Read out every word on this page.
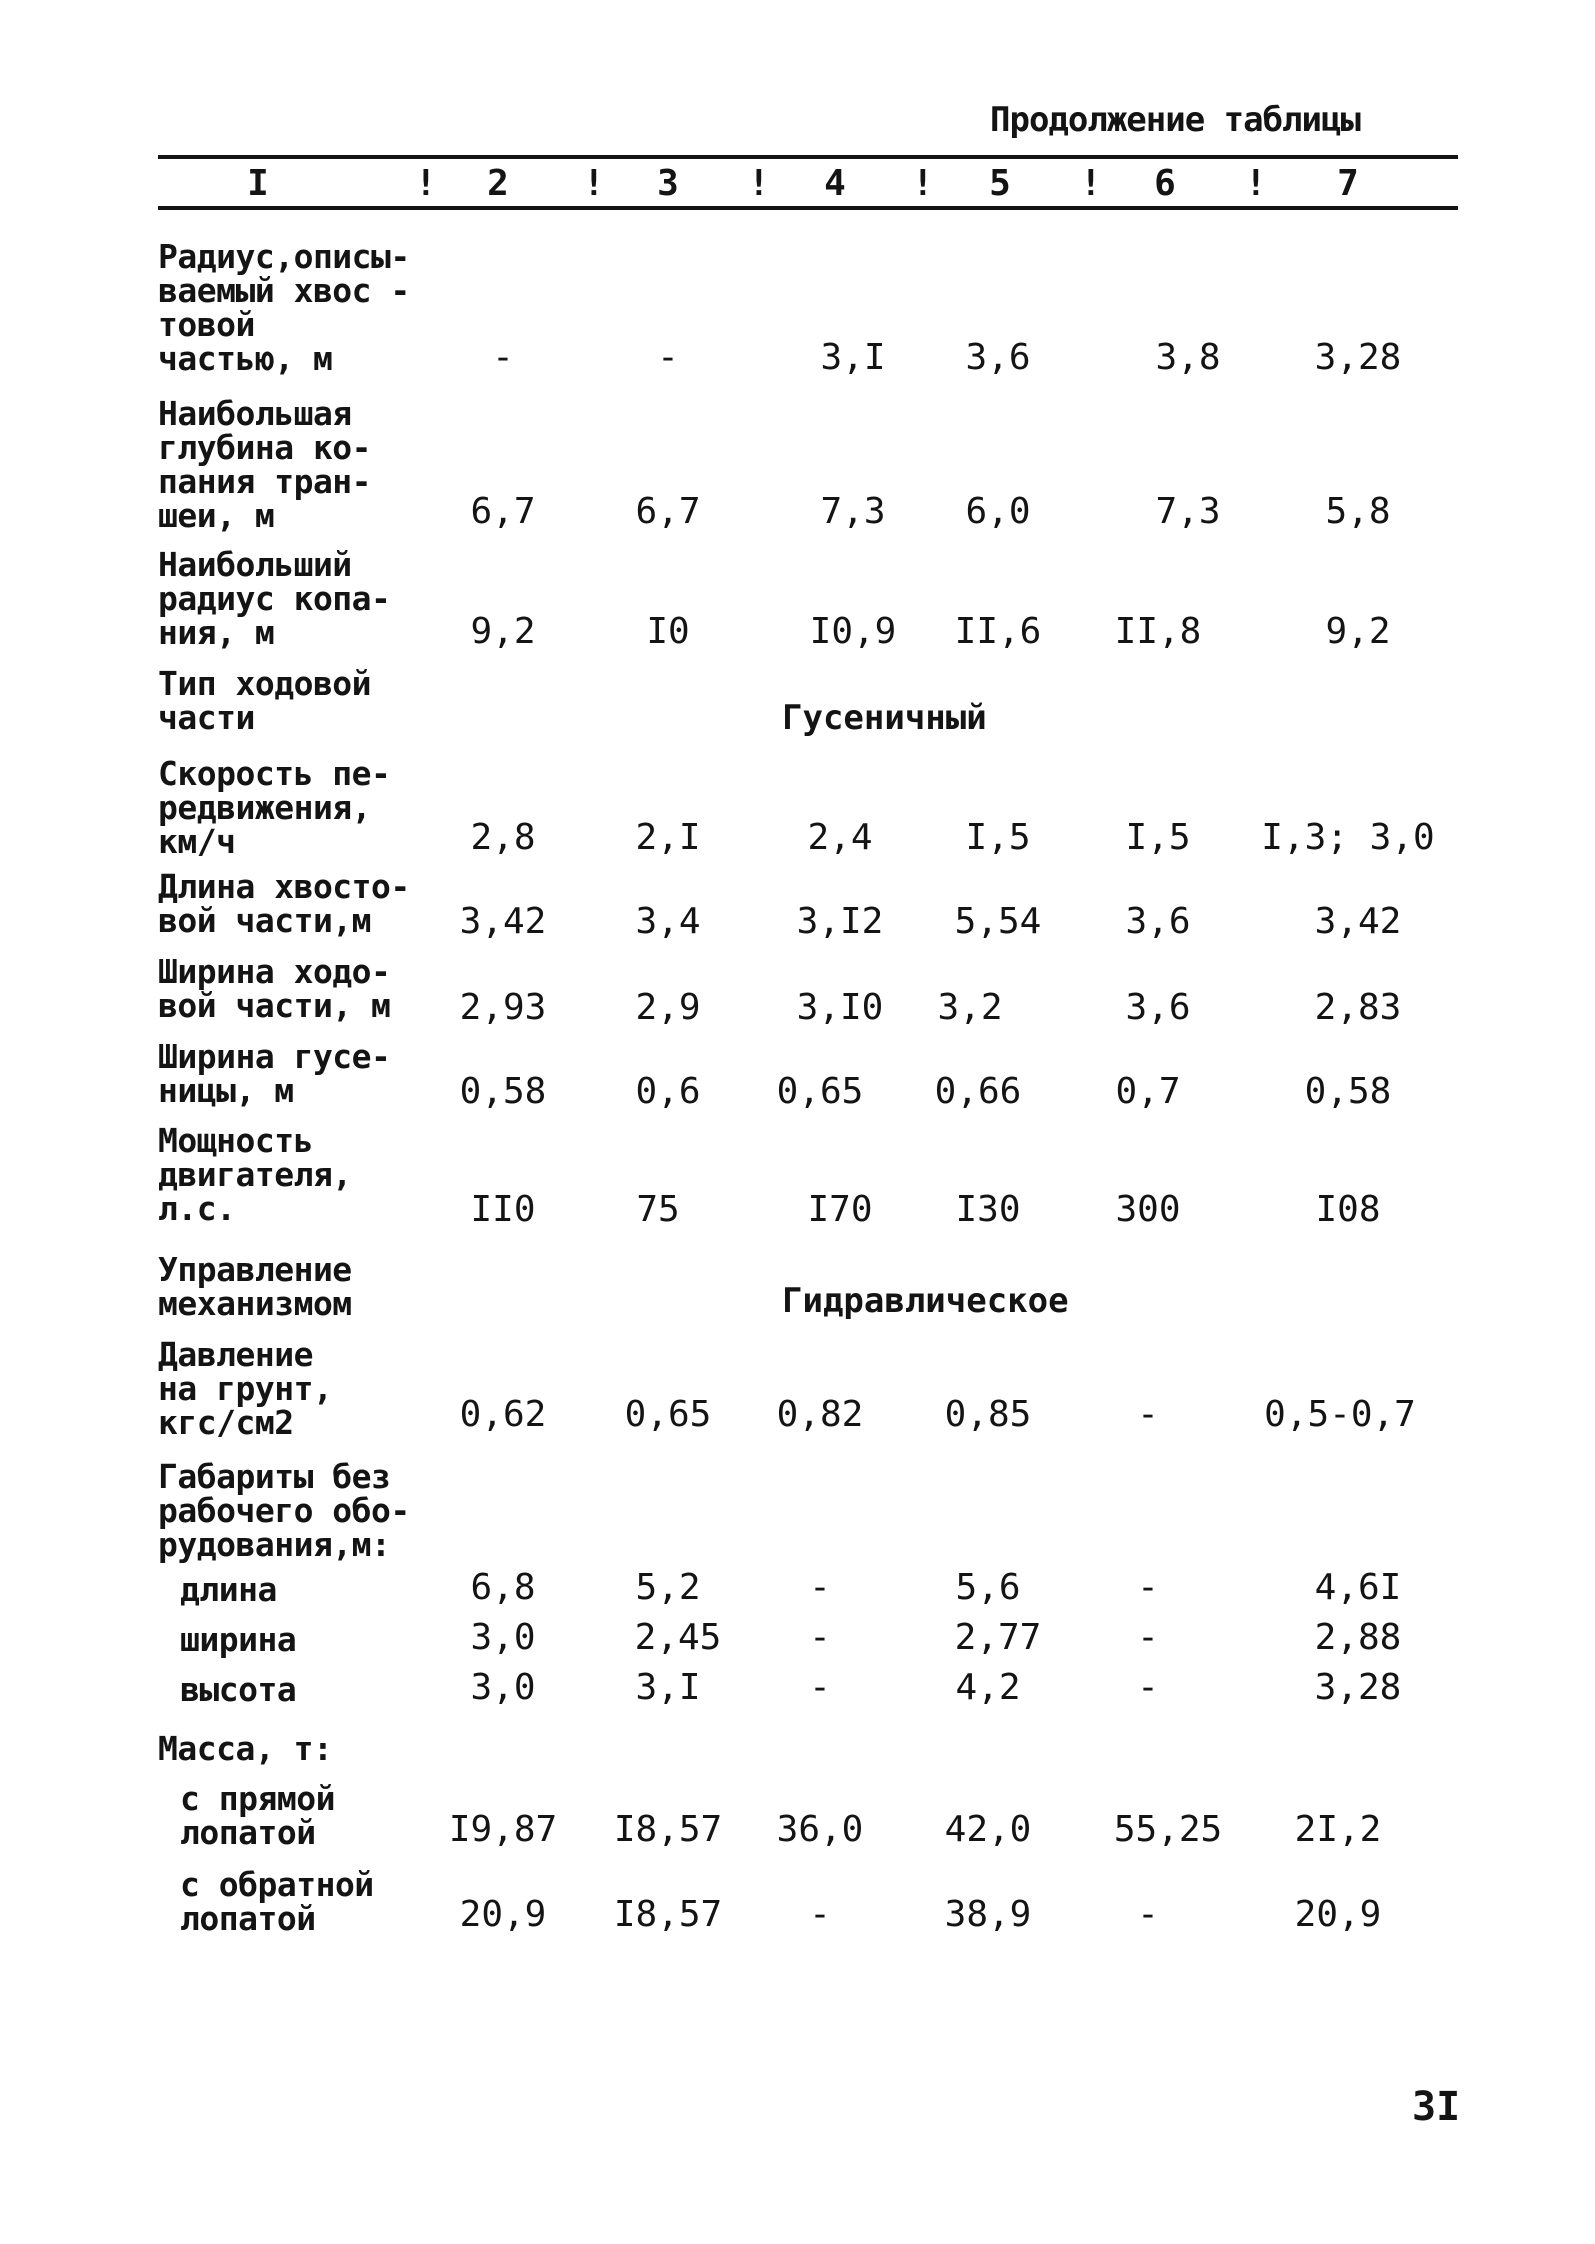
Продолжение таблицы
I	! 2 ! 3 ! 4 ! 5 ! 6 ! 7
Радиус,описы-
ваемый хвос -
товой
частью, м	-	-	3,I	3,6	3,8	3,28
Наибольшая
глубина ко-
пания тран-
шеи, м	6,7	6,7	7,3	6,0	7,3	5,8
Наибольший
радиус копа-
ния, м	9,2	I0	I0,9	II,6	II,8	9,2
Тип ходовой
части	Гусеничный
Скорость пе-
редвижения,
км/ч	2,8	2,I	2,4	I,5	I,5	I,3; 3,0
Длина хвосто-
вой части,м	3,42	3,4	3,I2	5,54	3,6	3,42
Ширина ходо-
вой части, м	2,93	2,9	3,I0	3,2	3,6	2,83
Ширина гусе-
ницы, м	0,58	0,6	0,65	0,66	0,7	0,58
Мощность
двигателя,
л.с.	II0	75	I70	I30	300	I08
Управление
механизмом	Гидравлическое
Давление
на грунт,
кгс/см2	0,62	0,65	0,82	0,85	-	0,5-0,7
Габариты без
рабочего обо-
рудования,м:
длина	6,8	5,2	-	5,6	-	4,6I
ширина	3,0	2,45	-	2,77	-	2,88
высота	3,0	3,I	-	4,2	-	3,28
Масса, т:
с прямой
лопатой	I9,87	I8,57	36,0	42,0	55,25	2I,2
с обратной
лопатой	20,9	I8,57	-	38,9	-	20,9
3I
